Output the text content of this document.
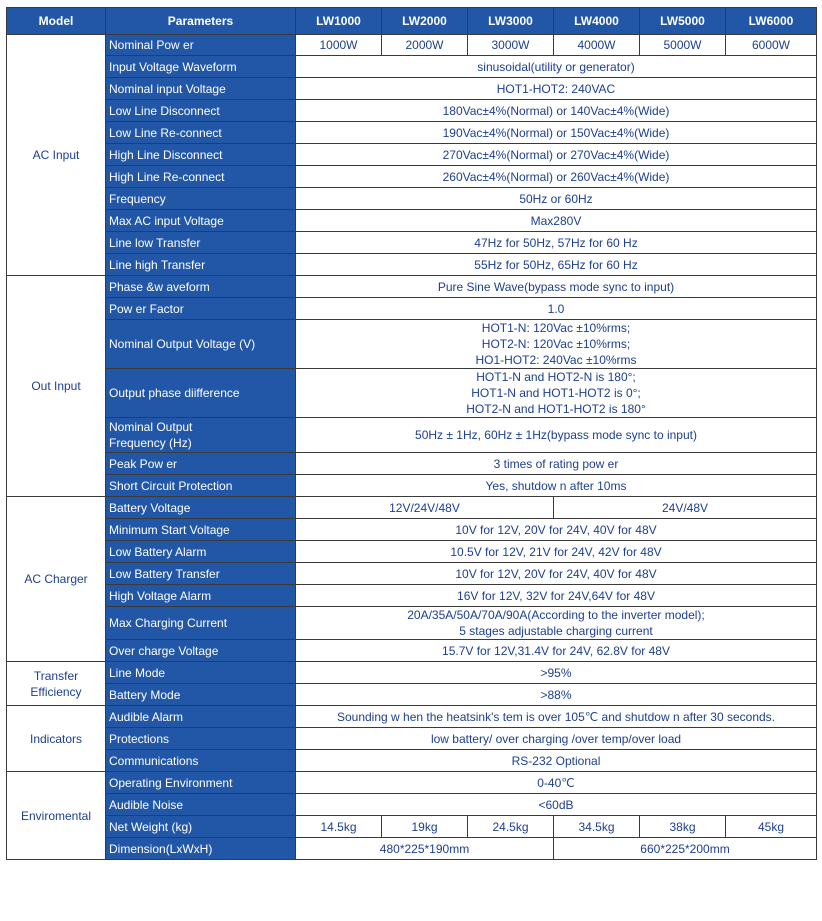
Model	Parameters	LW1000	LW2000	LW3000	LW4000	LW5000	LW6000
AC Input	Nominal Pow er	1000W	2000W	3000W	4000W	5000W	6000W
	Input Voltage Waveform	sinusoidal(utility or generator)					
	Nominal input Voltage	HOT1-HOT2: 240VAC					
	Low Line Disconnect	180Vac±4%(Normal) or 140Vac±4%(Wide)					
	Low Line Re-connect	190Vac±4%(Normal) or 150Vac±4%(Wide)					
	High Line Disconnect	270Vac±4%(Normal) or 270Vac±4%(Wide)					
	High Line Re-connect	260Vac±4%(Normal) or 260Vac±4%(Wide)					
	Frequency	50Hz or 60Hz					
	Max AC input Voltage	Max280V					
	Line low Transfer	47Hz for 50Hz, 57Hz for 60 Hz					
	Line high Transfer	55Hz for 50Hz, 65Hz for 60 Hz					
Out Input	Phase &w aveform	Pure Sine Wave(bypass mode sync to input)					
	Pow er Factor	1.0					
	Nominal Output Voltage (V)	HOT1-N: 120Vac ±10%rms;
HOT2-N: 120Vac ±10%rms;
HO1-HOT2: 240Vac ±10%rms					

	Output phase diifference	HOT1-N and HOT2-N is 180°;
HOT1-N and HOT1-HOT2 is 0°;
HOT2-N and HOT1-HOT2 is 180°					

	Nominal Output
Frequency (Hz)	50Hz ± 1Hz, 60Hz ± 1Hz(bypass mode sync to input)					
	Peak Pow er	3 times of rating pow er					
	Short Circuit Protection	Yes, shutdow n after 10ms					
AC Charger	Battery Voltage	12V/24V/48V			24V/48V		
	Minimum Start Voltage	10V for 12V, 20V for 24V, 40V for 48V					
	Low Battery Alarm	10.5V for 12V, 21V for 24V, 42V for 48V					
	Low Battery Transfer	10V for 12V, 20V for 24V, 40V for 48V					
	High Voltage Alarm	16V for 12V, 32V for 24V,64V for 48V					
	Max Charging Current	20A/35A/50A/70A/90A(According to the inverter model);
5 stages adjustable charging current					

	Over charge Voltage	15.7V for 12V,31.4V for 24V, 62.8V for 48V					

Transfer
Efficiency	Line Mode	>95%					
	Battery Mode	>88%					
Indicators	Audible Alarm	Sounding w hen the heatsink's tem is over 105℃ and shutdow n after 30 seconds.					
	Protections	low battery/ over charging /over temp/over load					
	Communications	RS-232 Optional					
Enviromental	Operating Environment	0-40℃					
	Audible Noise	<60dB					
	Net Weight (kg)	14.5kg	19kg	24.5kg	34.5kg	38kg	45kg
	Dimension(LxWxH)	480*225*190mm			660*225*200mm		
